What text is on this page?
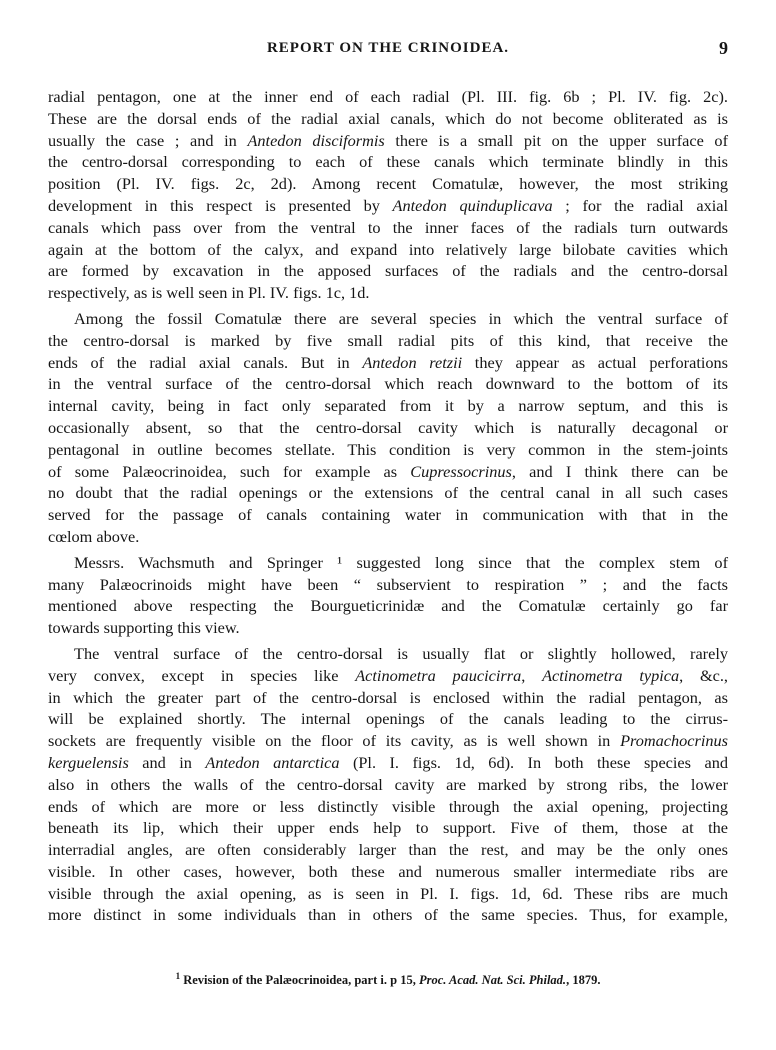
REPORT ON THE CRINOIDEA.	9
radial pentagon, one at the inner end of each radial (Pl. III. fig. 6b ; Pl. IV. fig. 2c).
These are the dorsal ends of the radial axial canals, which do not become obliterated as is
usually the case ; and in Antedon disciformis there is a small pit on the upper surface of
the centro-dorsal corresponding to each of these canals which terminate blindly in this
position (Pl. IV. figs. 2c, 2d). Among recent Comatulæ, however, the most striking
development in this respect is presented by Antedon quinduplicava ; for the radial axial
canals which pass over from the ventral to the inner faces of the radials turn outwards
again at the bottom of the calyx, and expand into relatively large bilobate cavities which
are formed by excavation in the apposed surfaces of the radials and the centro-dorsal
respectively, as is well seen in Pl. IV. figs. 1c, 1d.
Among the fossil Comatulæ there are several species in which the ventral surface of
the centro-dorsal is marked by five small radial pits of this kind, that receive the
ends of the radial axial canals. But in Antedon retzii they appear as actual perforations
in the ventral surface of the centro-dorsal which reach downward to the bottom of its
internal cavity, being in fact only separated from it by a narrow septum, and this is
occasionally absent, so that the centro-dorsal cavity which is naturally decagonal or
pentagonal in outline becomes stellate. This condition is very common in the stem-joints
of some Palæocrinoidea, such for example as Cupressocrinus, and I think there can be
no doubt that the radial openings or the extensions of the central canal in all such cases
served for the passage of canals containing water in communication with that in the
cœlom above.
Messrs. Wachsmuth and Springer ¹ suggested long since that the complex stem of
many Palæocrinoids might have been “ subservient to respiration ” ; and the facts
mentioned above respecting the Bourgueticrinidæ and the Comatulæ certainly go far
towards supporting this view.
The ventral surface of the centro-dorsal is usually flat or slightly hollowed, rarely
very convex, except in species like Actinometra paucicirra, Actinometra typica, &c.,
in which the greater part of the centro-dorsal is enclosed within the radial pentagon, as
will be explained shortly. The internal openings of the canals leading to the cirrus-
sockets are frequently visible on the floor of its cavity, as is well shown in Promachocrinus
kerguelensis and in Antedon antarctica (Pl. I. figs. 1d, 6d). In both these species and
also in others the walls of the centro-dorsal cavity are marked by strong ribs, the lower
ends of which are more or less distinctly visible through the axial opening, projecting
beneath its lip, which their upper ends help to support. Five of them, those at the
interradial angles, are often considerably larger than the rest, and may be the only ones
visible. In other cases, however, both these and numerous smaller intermediate ribs are
visible through the axial opening, as is seen in Pl. I. figs. 1d, 6d. These ribs are much
more distinct in some individuals than in others of the same species. Thus, for example,
$^1$ Revision of the Palæocrinoidea, part i. p 15, Proc. Acad. Nat. Sci. Philad., 1879.
